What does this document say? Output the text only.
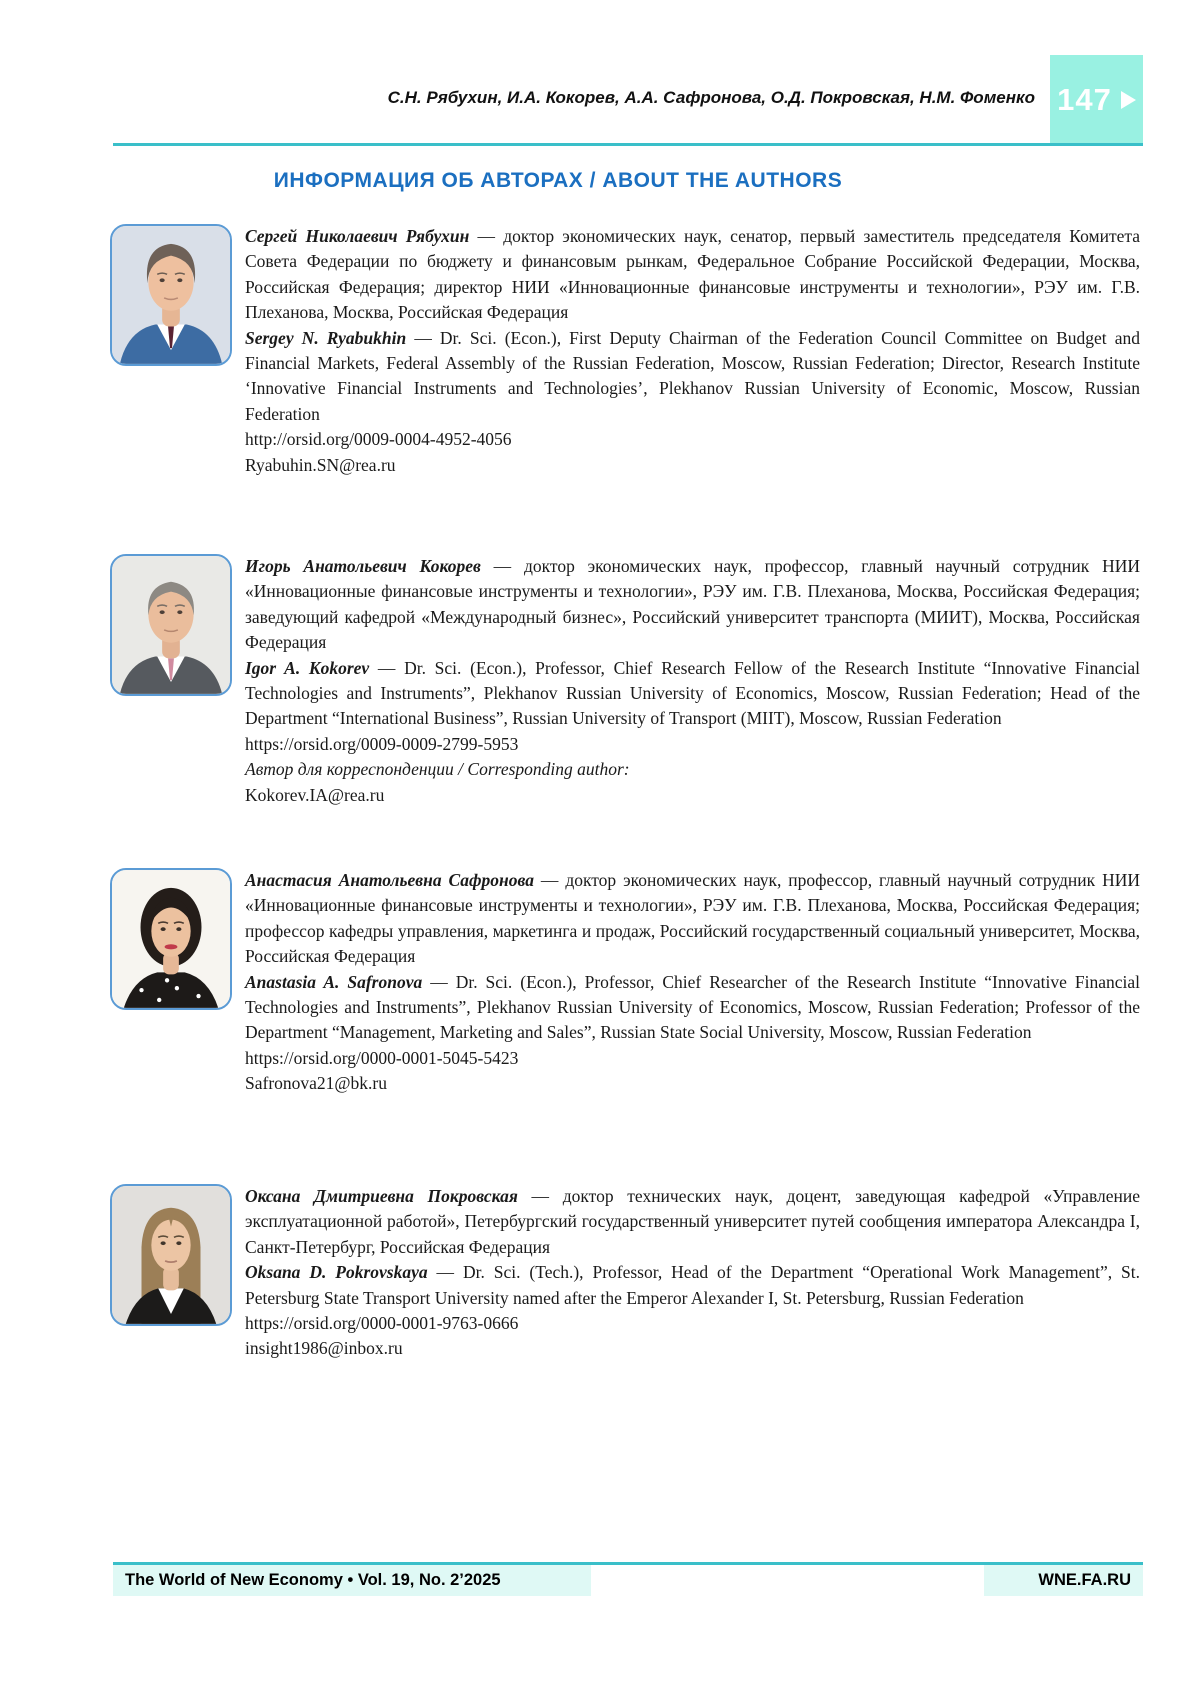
С.Н. Рябухин, И.А. Кокорев, А.А. Сафронова, О.Д. Покровская, Н.М. Фоменко 147
ИНФОРМАЦИЯ ОБ АВТОРАХ / ABOUT THE AUTHORS

Сергей Николаевич Рябухин — доктор экономических наук, сенатор, первый заместитель председателя Комитета Совета Федерации по бюджету и финансовым рынкам, Федеральное Собрание Российской Федерации, Москва, Российская Федерация; директор НИИ «Инновационные финансовые инструменты и технологии», РЭУ им. Г.В. Плеханова, Москва, Российская Федерация

Sergey N. Ryabukhin — Dr. Sci. (Econ.), First Deputy Chairman of the Federation Council Committee on Budget and Financial Markets, Federal Assembly of the Russian Federation, Moscow, Russian Federation; Director, Research Institute ‘Innovative Financial Instruments and Technologies’, Plekhanov Russian University of Economic, Moscow, Russian Federation

http://orsid.org/0009-0004-4952-4056

Ryabuhin.SN@rea.ru

Игорь Анатольевич Кокорев — доктор экономических наук, профессор, главный научный сотрудник НИИ «Инновационные финансовые инструменты и технологии», РЭУ им. Г.В. Плеханова, Москва, Российская Федерация; заведующий кафедрой «Международный бизнес», Российский университет транспорта (МИИТ), Москва, Российская Федерация

Igor A. Kokorev — Dr. Sci. (Econ.), Professor, Chief Research Fellow of the Research Institute “Innovative Financial Technologies and Instruments”, Plekhanov Russian University of Economics, Moscow, Russian Federation; Head of the Department “International Business”, Russian University of Transport (MIIT), Moscow, Russian Federation

https://orsid.org/0009-0009-2799-5953

Автор для корреспонденции / Corresponding author:

Kokorev.IA@rea.ru

Анастасия Анатольевна Сафронова — доктор экономических наук, профессор, главный научный сотрудник НИИ «Инновационные финансовые инструменты и технологии», РЭУ им. Г.В. Плеханова, Москва, Российская Федерация; профессор кафедры управления, маркетинга и продаж, Российский государственный социальный университет, Москва, Российская Федерация

Anastasia A. Safronova — Dr. Sci. (Econ.), Professor, Chief Researcher of the Research Institute “Innovative Financial Technologies and Instruments”, Plekhanov Russian University of Economics, Moscow, Russian Federation; Professor of the Department “Management, Marketing and Sales”, Russian State Social University, Moscow, Russian Federation

https://orsid.org/0000-0001-5045-5423

Safronova21@bk.ru

Оксана Дмитриевна Покровская — доктор технических наук, доцент, заведующая кафедрой «Управление эксплуатационной работой», Петербургский государственный университет путей сообщения императора Александра I, Санкт-Петербург, Российская Федерация

Oksana D. Pokrovskaya — Dr. Sci. (Tech.), Professor, Head of the Department “Operational Work Management”, St. Petersburg State Transport University named after the Emperor Alexander I, St. Petersburg, Russian Federation

https://orsid.org/0000-0001-9763-0666

insight1986@inbox.ru

The World of New Economy • Vol. 19, No. 2’2025	WNE.FA.RU
